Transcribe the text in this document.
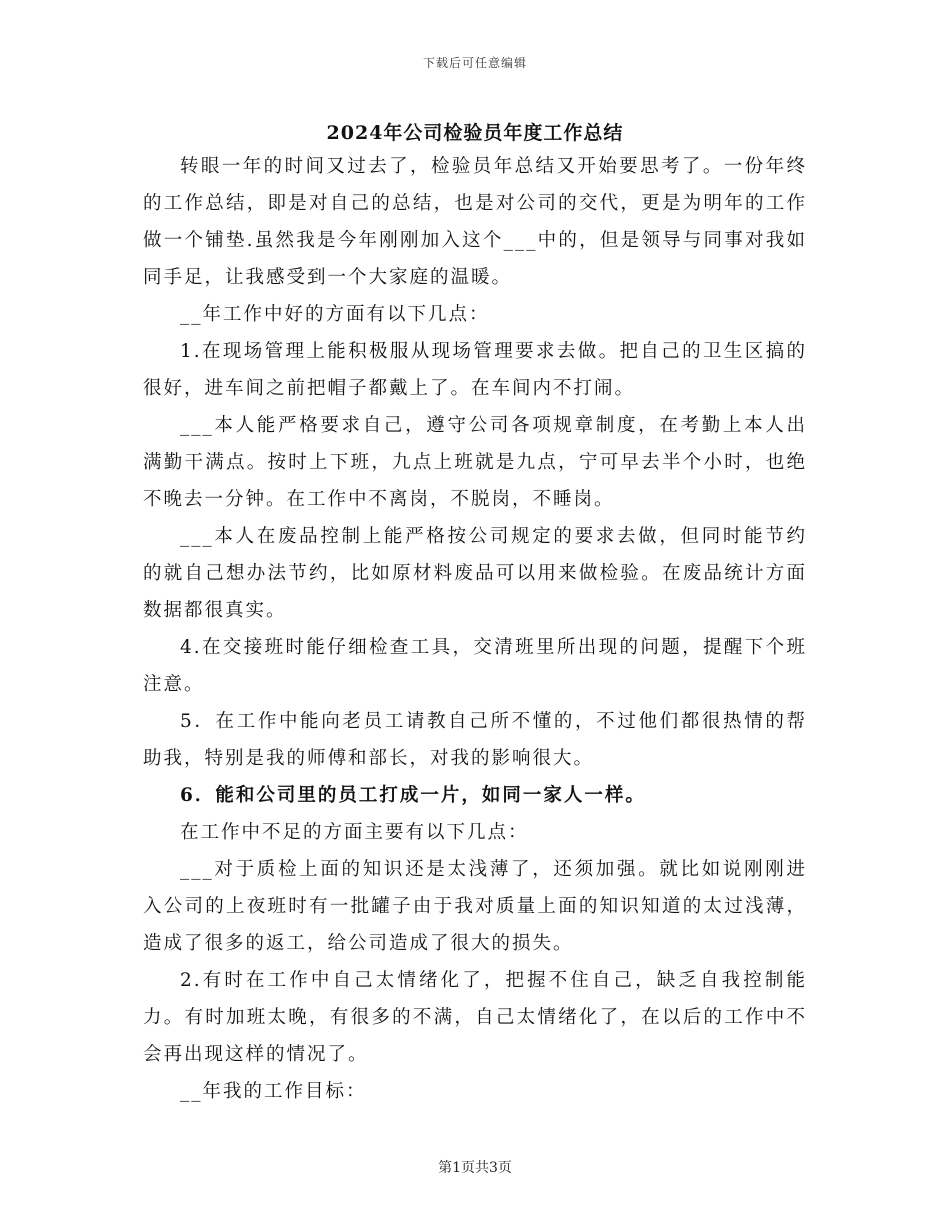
下载后可任意编辑
2024年公司检验员年度工作总结

转眼一年的时间又过去了，检验员年总结又开始要思考了。一份年终的工作总结，即是对自己的总结，也是对公司的交代，更是为明年的工作做一个铺垫.虽然我是今年刚刚加入这个___中的，但是领导与同事对我如同手足，让我感受到一个大家庭的温暖。

__年工作中好的方面有以下几点：

1.在现场管理上能积极服从现场管理要求去做。把自己的卫生区搞的很好，进车间之前把帽子都戴上了。在车间内不打闹。

___本人能严格要求自己，遵守公司各项规章制度，在考勤上本人出满勤干满点。按时上下班，九点上班就是九点，宁可早去半个小时，也绝不晚去一分钟。在工作中不离岗，不脱岗，不睡岗。

___本人在废品控制上能严格按公司规定的要求去做，但同时能节约的就自己想办法节约，比如原材料废品可以用来做检验。在废品统计方面数据都很真实。

4.在交接班时能仔细检查工具，交清班里所出现的问题，提醒下个班注意。

5．在工作中能向老员工请教自己所不懂的，不过他们都很热情的帮助我，特别是我的师傅和部长，对我的影响很大。

6．能和公司里的员工打成一片，如同一家人一样。

在工作中不足的方面主要有以下几点：

___对于质检上面的知识还是太浅薄了，还须加强。就比如说刚刚进入公司的上夜班时有一批罐子由于我对质量上面的知识知道的太过浅薄，造成了很多的返工，给公司造成了很大的损失。

2.有时在工作中自己太情绪化了，把握不住自己，缺乏自我控制能力。有时加班太晚，有很多的不满，自己太情绪化了，在以后的工作中不会再出现这样的情况了。

__年我的工作目标：

第1页共3页
